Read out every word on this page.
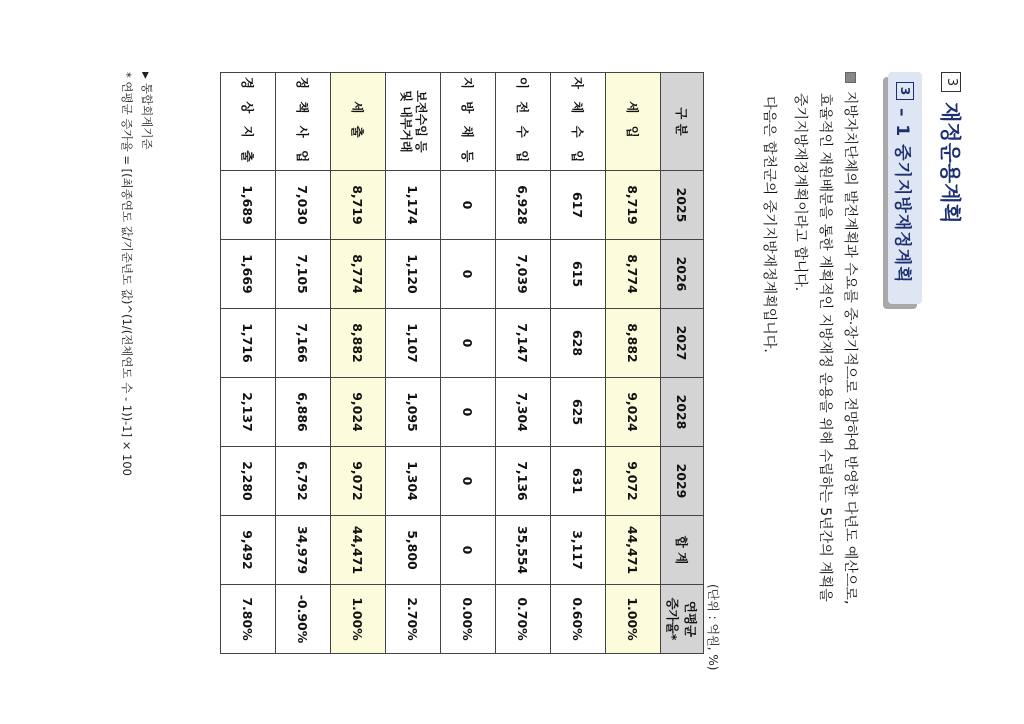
3
재정운용계획
3
– 1 중기지방재정계획
지방자치단체의 발전계획과 수요를 중·장기적으로 전망하여 반영한 다년도 예산으로,
효율적인 재원배분을 통한 계획적인 지방재정 운용을 위해 수립하는 5년간의 계획을
중기지방재정계획이라고 합니다.
다음은 합천군의 중기지방재정계획입니다.
(단위 : 억원, %)
구 분	2025	2026	2027	2028	2029	합 계	연평균
증가율*

세 입	8,719	8,774	8,882	9,024	9,072	44,471	1.00%
자 체 수 입	617	615	628	625	631	3,117	0.60%
이 전 수 입	6,928	7,039	7,147	7,304	7,136	35,554	0.70%
지 방 채 등	0	0	0	0	0	0	0.00%

보전수입 등
및 내부거래	1,174	1,120	1,107	1,095	1,304	5,800	2.70%
세 출	8,719	8,774	8,882	9,024	9,072	44,471	1.00%
정 책 사 업	7,030	7,105	7,166	6,886	6,792	34,979	-0.90%
경 상 지 출	1,689	1,669	1,716	2,137	2,280	9,492	7.80%
▶통합회계기준
* 연평균 증가율 = [(최종연도 값/기준년도 값)^(1/(전체연도 수 - 1))-1] × 100
